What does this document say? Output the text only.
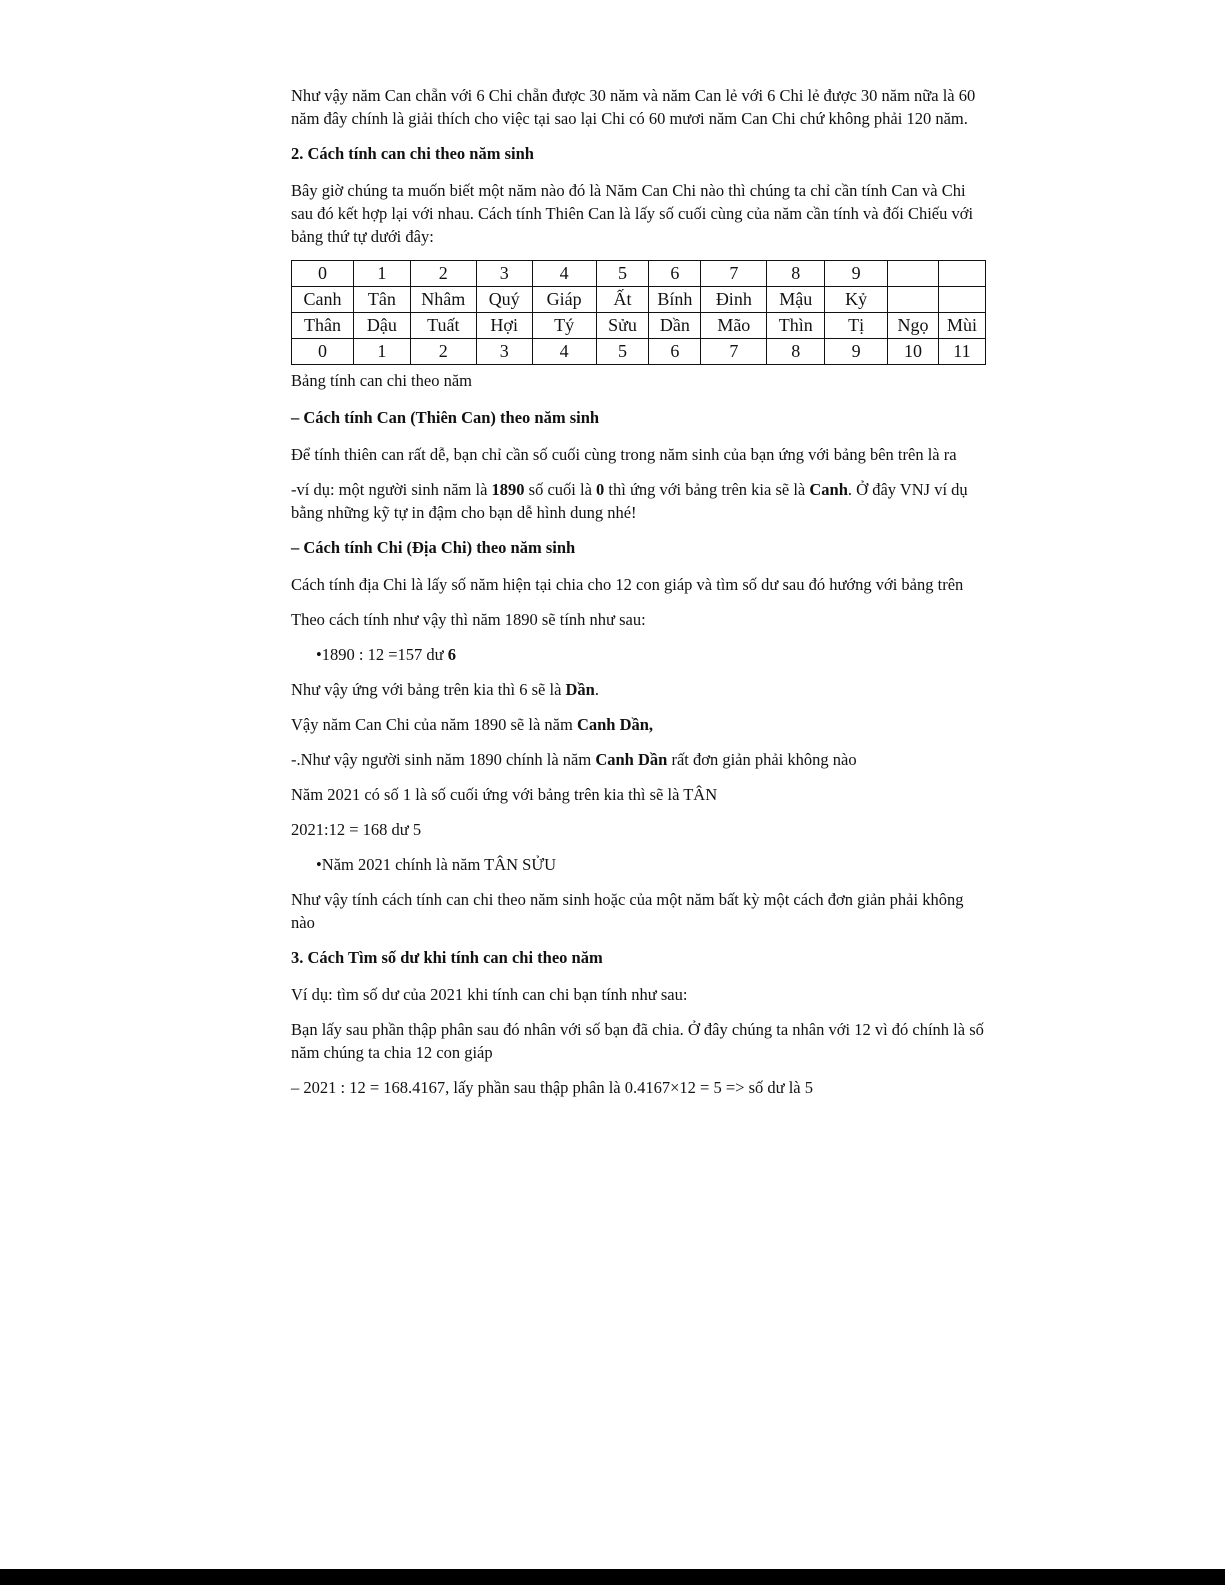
Như vậy năm Can chẵn với 6 Chi chẵn được 30 năm và năm Can lẻ với 6 Chi lẻ được 30 năm nữa là 60 năm đây chính là giải thích cho việc tại sao lại Chi có 60 mươi năm Can Chi chứ không phải 120 năm.

2. Cách tính can chi theo năm sinh

Bây giờ chúng ta muốn biết một năm nào đó là Năm Can Chi nào thì chúng ta chỉ cần tính Can và Chi sau đó kết hợp lại với nhau. Cách tính Thiên Can là lấy số cuối cùng của năm cần tính và đối Chiếu với bảng thứ tự dưới đây:

0	1	2	3	4	5	6	7	8	9		
Canh	Tân	Nhâm	Quý	Giáp	Ất	Bính	Đinh	Mậu	Kỷ		
Thân	Dậu	Tuất	Hợi	Tý	Sửu	Dần	Mão	Thìn	Tị	Ngọ	Mùi
0	1	2	3	4	5	6	7	8	9	10	11

Bảng tính can chi theo năm

– Cách tính Can (Thiên Can) theo năm sinh

Để tính thiên can rất dễ, bạn chỉ cần số cuối cùng trong năm sinh của bạn ứng với bảng bên trên là ra

-ví dụ: một người sinh năm là 1890 số cuối là 0 thì ứng với bảng trên kia sẽ là Canh. Ở đây VNJ ví dụ bằng những kỹ tự in đậm cho bạn dễ hình dung nhé!

– Cách tính Chi (Địa Chi) theo năm sinh

Cách tính địa Chi là lấy số năm hiện tại chia cho 12 con giáp và tìm số dư sau đó hướng với bảng trên

Theo cách tính như vậy thì năm 1890 sẽ tính như sau:

•1890 : 12 =157 dư 6

Như vậy ứng với bảng trên kia thì 6 sẽ là Dần.

Vậy năm Can Chi của năm 1890 sẽ là năm Canh Dần,

-.Như vậy người sinh năm 1890 chính là năm Canh Dần rất đơn giản phải không nào

Năm 2021 có số 1 là số cuối ứng với bảng trên kia thì sẽ là TÂN

2021:12 = 168 dư 5

•Năm 2021 chính là năm TÂN SỬU

Như vậy tính cách tính can chi theo năm sinh hoặc của một năm bất kỳ một cách đơn giản phải không nào

3. Cách Tìm số dư khi tính can chi theo năm

Ví dụ: tìm số dư của 2021 khi tính can chi bạn tính như sau:

Bạn lấy sau phần thập phân sau đó nhân với số bạn đã chia. Ở đây chúng ta nhân với 12 vì đó chính là số năm chúng ta chia 12 con giáp

– 2021 : 12 = 168.4167, lấy phần sau thập phân là 0.4167×12 = 5 => số dư là 5
